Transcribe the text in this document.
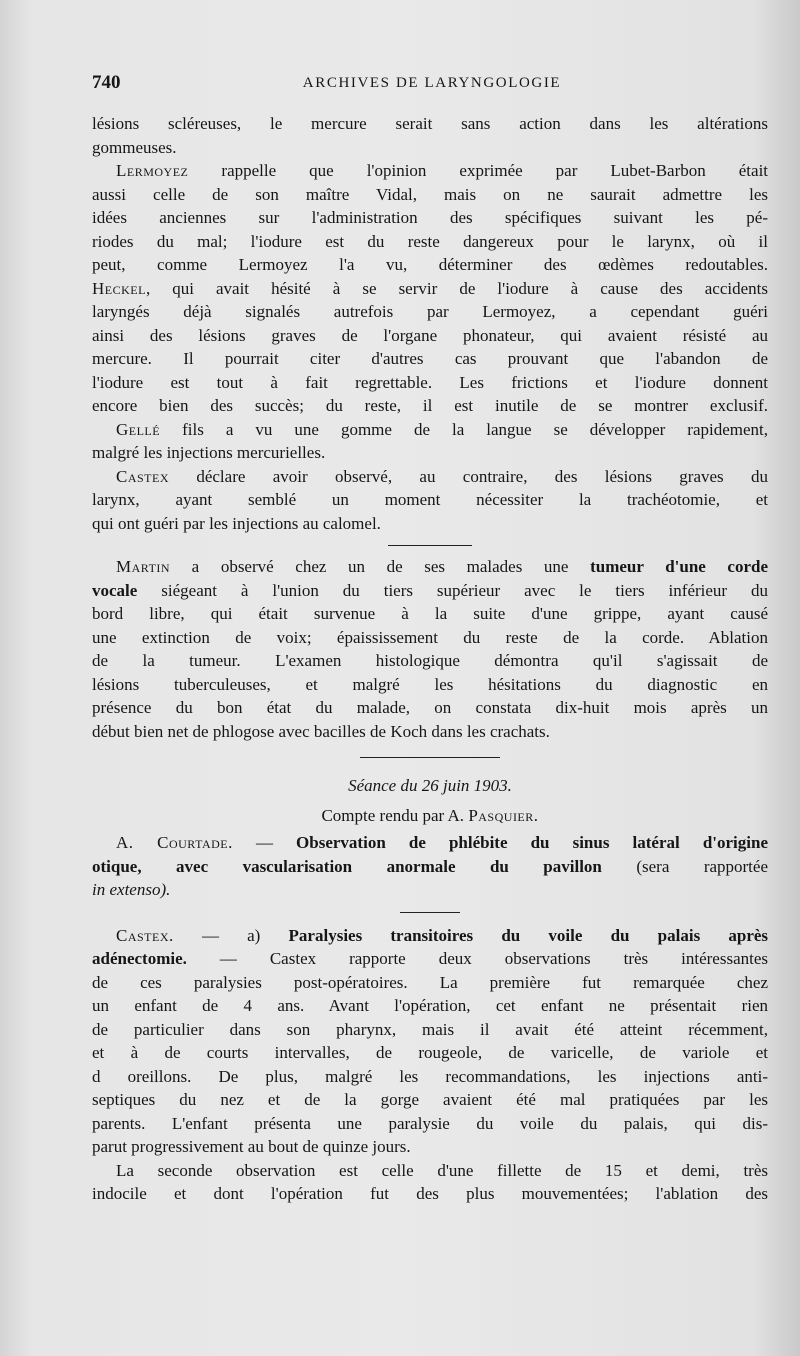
740	ARCHIVES DE LARYNGOLOGIE
lésions scléreuses, le mercure serait sans action dans les altérations
gommeuses.
Lermoyez rappelle que l'opinion exprimée par Lubet-Barbon était
aussi celle de son maître Vidal, mais on ne saurait admettre les
idées anciennes sur l'administration des spécifiques suivant les pé-
riodes du mal; l'iodure est du reste dangereux pour le larynx, où il
peut, comme Lermoyez l'a vu, déterminer des œdèmes redoutables.
Heckel, qui avait hésité à se servir de l'iodure à cause des accidents
laryngés déjà signalés autrefois par Lermoyez, a cependant guéri
ainsi des lésions graves de l'organe phonateur, qui avaient résisté au
mercure. Il pourrait citer d'autres cas prouvant que l'abandon de
l'iodure est tout à fait regrettable. Les frictions et l'iodure donnent
encore bien des succès; du reste, il est inutile de se montrer exclusif.
Gellé fils a vu une gomme de la langue se développer rapidement,
malgré les injections mercurielles.
Castex déclare avoir observé, au contraire, des lésions graves du
larynx, ayant semblé un moment nécessiter la trachéotomie, et
qui ont guéri par les injections au calomel.
Martin a observé chez un de ses malades une tumeur d'une corde
vocale siégeant à l'union du tiers supérieur avec le tiers inférieur du
bord libre, qui était survenue à la suite d'une grippe, ayant causé
une extinction de voix; épaississement du reste de la corde. Ablation
de la tumeur. L'examen histologique démontra qu'il s'agissait de
lésions tuberculeuses, et malgré les hésitations du diagnostic en
présence du bon état du malade, on constata dix-huit mois après un
début bien net de phlogose avec bacilles de Koch dans les crachats.
Séance du 26 juin 1903.
Compte rendu par A. Pasquier.
A. Courtade. — Observation de phlébite du sinus latéral d'origine
otique, avec vascularisation anormale du pavillon (sera rapportée
in extenso).
Castex. — a) Paralysies transitoires du voile du palais après
adénectomie. — Castex rapporte deux observations très intéressantes
de ces paralysies post-opératoires. La première fut remarquée chez
un enfant de 4 ans. Avant l'opération, cet enfant ne présentait rien
de particulier dans son pharynx, mais il avait été atteint récemment,
et à de courts intervalles, de rougeole, de varicelle, de variole et
d oreillons. De plus, malgré les recommandations, les injections anti-
septiques du nez et de la gorge avaient été mal pratiquées par les
parents. L'enfant présenta une paralysie du voile du palais, qui dis-
parut progressivement au bout de quinze jours.
La seconde observation est celle d'une fillette de 15 et demi, très
indocile et dont l'opération fut des plus mouvementées; l'ablation des
